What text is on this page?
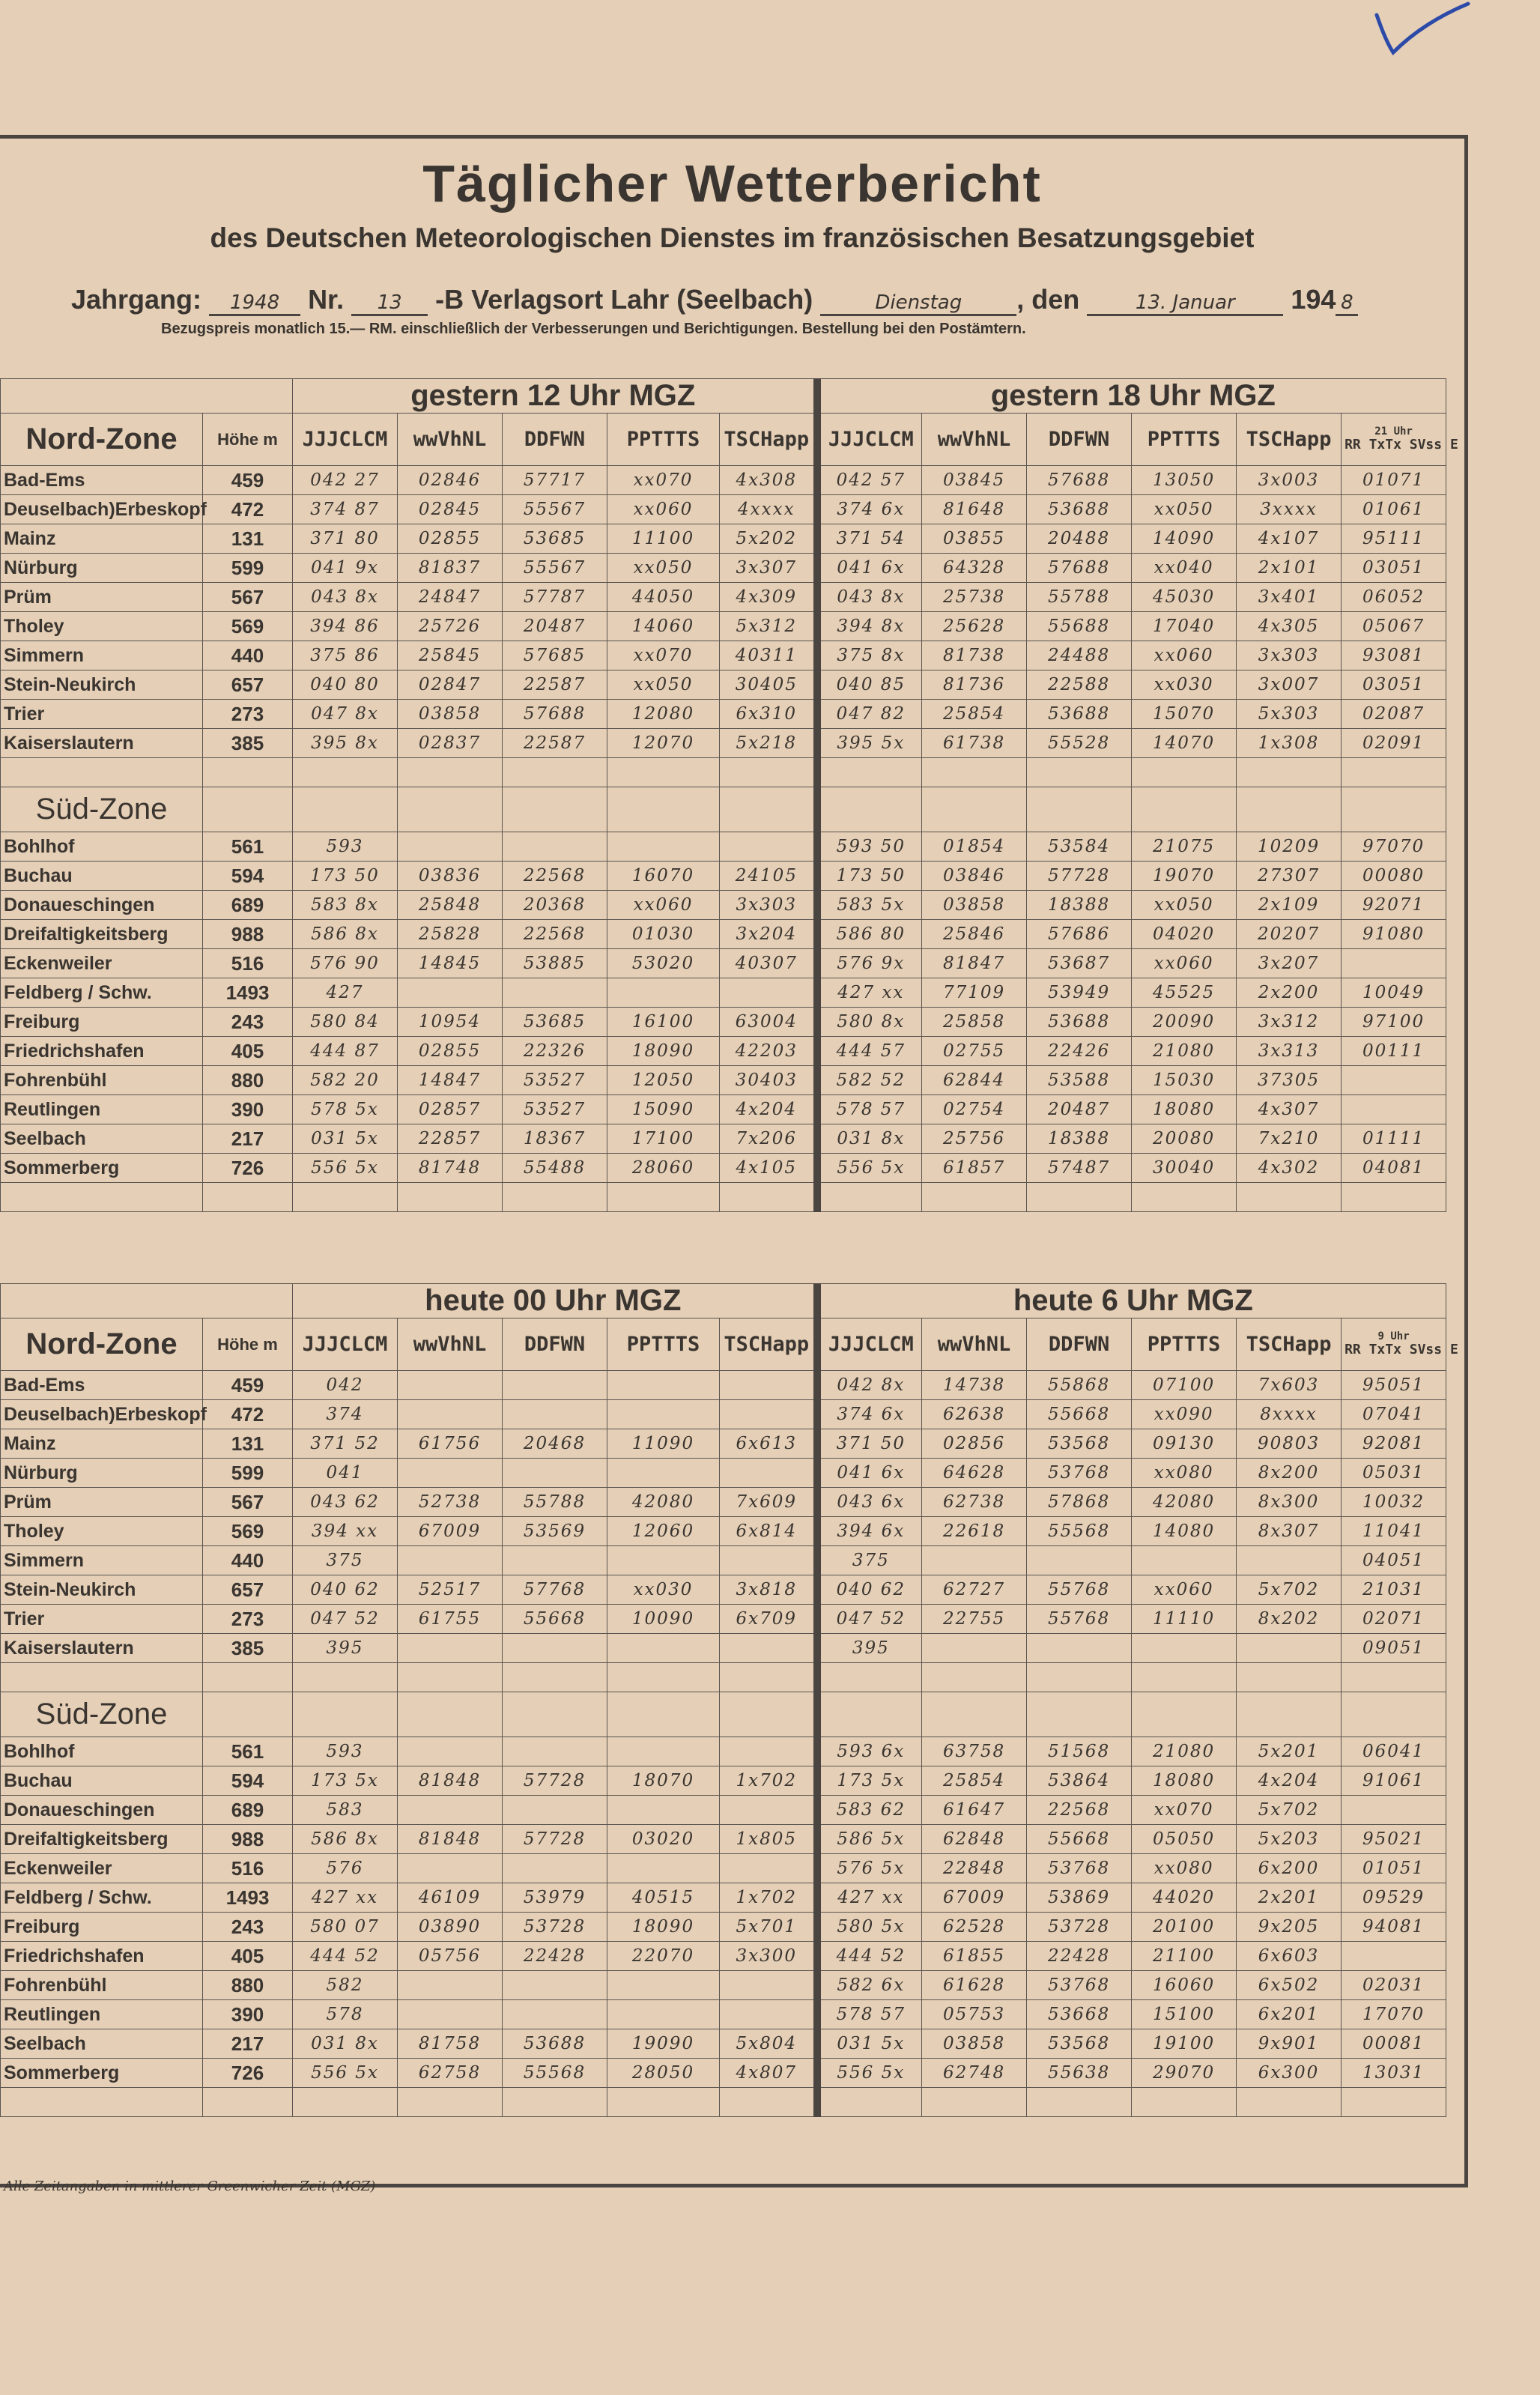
Täglicher Wetterbericht
des Deutschen Meteorologischen Dienstes im französischen Besatzungsgebiet
Jahrgang: 1948 Nr. 13 -B Verlagsort Lahr (Seelbach)	Dienstag , den	13. Januar 194 8
Bezugspreis monatlich 15.— RM. einschließlich der Verbesserungen und Berichtigungen. Bestellung bei den Postämtern.
		gestern 12 Uhr MGZ					gestern 18 Uhr MGZ					

Nord-Zone	Höhe m	JJJCLCM	wwVhNL	DDFWN	PPTTTS	TSCHapp	JJJCLCM	wwVhNL	DDFWN	PPTTTS	TSCHapp	21 Uhr
RR TxTx SVss E
Bad-Ems	459	042 27	02846	57717	xx070	4x308	042 57	03845	57688	13050	3x003	01071
Deuselbach)Erbeskopf	472	374 87	02845	55567	xx060	4xxxx	374 6x	81648	53688	xx050	3xxxx	01061
Mainz	131	371 80	02855	53685	11100	5x202	371 54	03855	20488	14090	4x107	95111
Nürburg	599	041 9x	81837	55567	xx050	3x307	041 6x	64328	57688	xx040	2x101	03051
Prüm	567	043 8x	24847	57787	44050	4x309	043 8x	25738	55788	45030	3x401	06052
Tholey	569	394 86	25726	20487	14060	5x312	394 8x	25628	55688	17040	4x305	05067
Simmern	440	375 86	25845	57685	xx070	40311	375 8x	81738	24488	xx060	3x303	93081
Stein-Neukirch	657	040 80	02847	22587	xx050	30405	040 85	81736	22588	xx030	3x007	03051
Trier	273	047 8x	03858	57688	12080	6x310	047 82	25854	53688	15070	5x303	02087
Kaiserslautern	385	395 8x	02837	22587	12070	5x218	395 5x	61738	55528	14070	1x308	02091

Süd-Zone												
Bohlhof	561	593					593 50	01854	53584	21075	10209	97070
Buchau	594	173 50	03836	22568	16070	24105	173 50	03846	57728	19070	27307	00080
Donaueschingen	689	583 8x	25848	20368	xx060	3x303	583 5x	03858	18388	xx050	2x109	92071
Dreifaltigkeitsberg	988	586 8x	25828	22568	01030	3x204	586 80	25846	57686	04020	20207	91080
Eckenweiler	516	576 90	14845	53885	53020	40307	576 9x	81847	53687	xx060	3x207	
Feldberg / Schw.	1493	427					427 xx	77109	53949	45525	2x200	10049
Freiburg	243	580 84	10954	53685	16100	63004	580 8x	25858	53688	20090	3x312	97100
Friedrichshafen	405	444 87	02855	22326	18090	42203	444 57	02755	22426	21080	3x313	00111
Fohrenbühl	880	582 20	14847	53527	12050	30403	582 52	62844	53588	15030	37305	
Reutlingen	390	578 5x	02857	53527	15090	4x204	578 57	02754	20487	18080	4x307	
Seelbach	217	031 5x	22857	18367	17100	7x206	031 8x	25756	18388	20080	7x210	01111
Sommerberg	726	556 5x	81748	55488	28060	4x105	556 5x	61857	57487	30040	4x302	04081

		heute 00 Uhr MGZ					heute 6 Uhr MGZ					

Nord-Zone	Höhe m	JJJCLCM	wwVhNL	DDFWN	PPTTTS	TSCHapp	JJJCLCM	wwVhNL	DDFWN	PPTTTS	TSCHapp	9 Uhr
RR TxTx SVss E
Bad-Ems	459	042					042 8x	14738	55868	07100	7x603	95051
Deuselbach)Erbeskopf	472	374					374 6x	62638	55668	xx090	8xxxx	07041
Mainz	131	371 52	61756	20468	11090	6x613	371 50	02856	53568	09130	90803	92081
Nürburg	599	041					041 6x	64628	53768	xx080	8x200	05031
Prüm	567	043 62	52738	55788	42080	7x609	043 6x	62738	57868	42080	8x300	10032
Tholey	569	394 xx	67009	53569	12060	6x814	394 6x	22618	55568	14080	8x307	11041
Simmern	440	375					375					04051
Stein-Neukirch	657	040 62	52517	57768	xx030	3x818	040 62	62727	55768	xx060	5x702	21031
Trier	273	047 52	61755	55668	10090	6x709	047 52	22755	55768	11110	8x202	02071
Kaiserslautern	385	395					395					09051

Süd-Zone												
Bohlhof	561	593					593 6x	63758	51568	21080	5x201	06041
Buchau	594	173 5x	81848	57728	18070	1x702	173 5x	25854	53864	18080	4x204	91061
Donaueschingen	689	583					583 62	61647	22568	xx070	5x702	
Dreifaltigkeitsberg	988	586 8x	81848	57728	03020	1x805	586 5x	62848	55668	05050	5x203	95021
Eckenweiler	516	576					576 5x	22848	53768	xx080	6x200	01051
Feldberg / Schw.	1493	427 xx	46109	53979	40515	1x702	427 xx	67009	53869	44020	2x201	09529
Freiburg	243	580 07	03890	53728	18090	5x701	580 5x	62528	53728	20100	9x205	94081
Friedrichshafen	405	444 52	05756	22428	22070	3x300	444 52	61855	22428	21100	6x603	
Fohrenbühl	880	582					582 6x	61628	53768	16060	6x502	02031
Reutlingen	390	578					578 57	05753	53668	15100	6x201	17070
Seelbach	217	031 8x	81758	53688	19090	5x804	031 5x	03858	53568	19100	9x901	00081
Sommerberg	726	556 5x	62758	55568	28050	4x807	556 5x	62748	55638	29070	6x300	13031

Alle Zeitangaben in mittlerer Greenwicher Zeit (MGZ)
